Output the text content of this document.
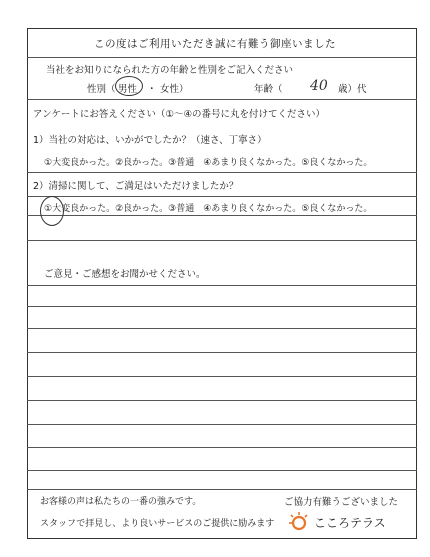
この度はご利用いただき誠に有難う御座いました
当社をお知りになられた方の年齢と性別をご記入ください
性別（ 男性 ・ 女性）	年齢（ 40 歳）代
アンケートにお答えください（①～④の番号に丸を付けてください）
1）当社の対応は、いかがでしたか？（速さ、丁寧さ）
①大変良かった。②良かった。③普通　④あまり良くなかった。⑤良くなかった。
2）清掃に関して、ご満足はいただけましたか？
①大変良かった。②良かった。③普通　④あまり良くなかった。⑤良くなかった。
ご意見・ご感想をお聞かせください。
お客様の声は私たちの一番の強みです。	ご協力有難うございました
スタッフで拝見し、より良いサービスのご提供に励みます	こころテラス
